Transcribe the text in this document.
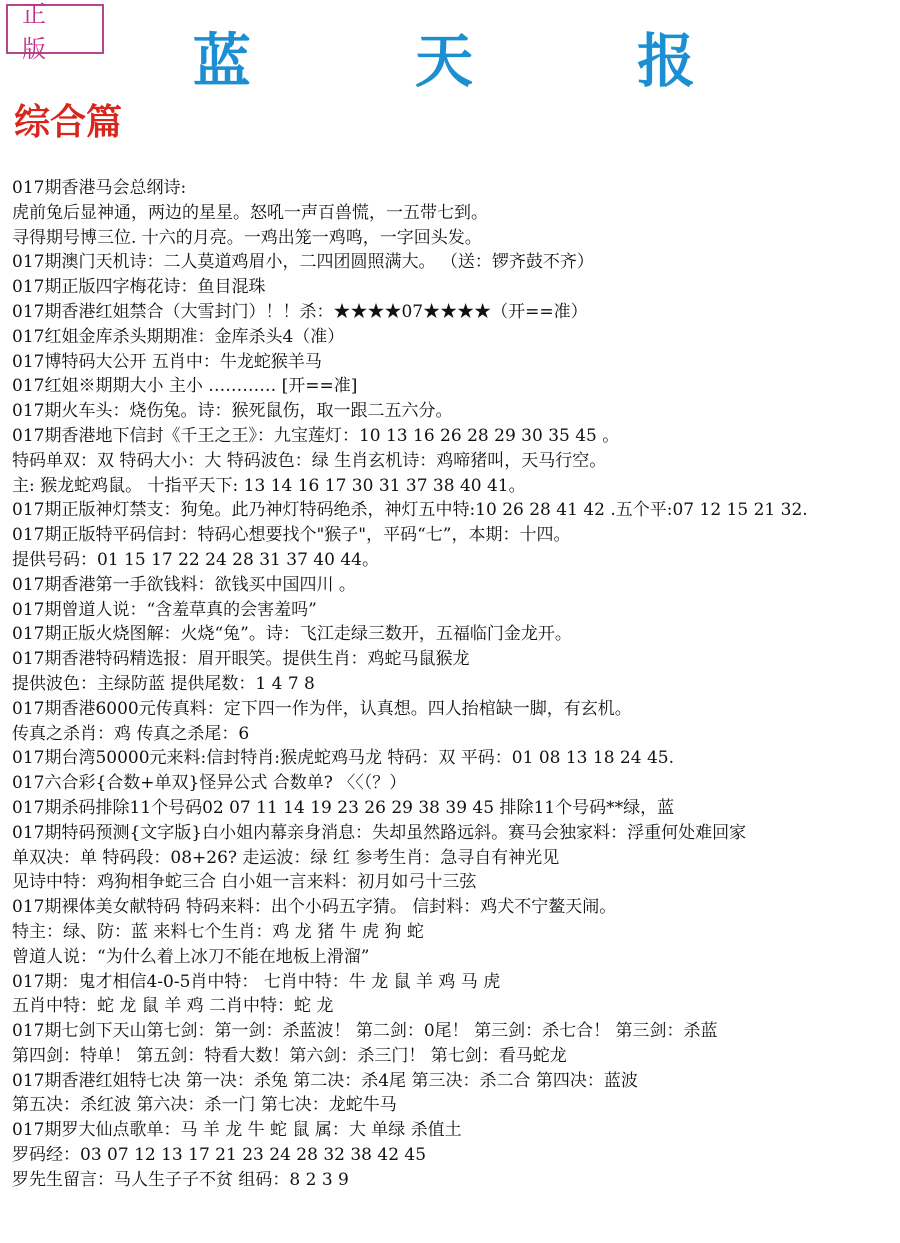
正 版	蓝 天 报
综合篇
017期香港马会总纲诗:
虎前兔后显神通，两边的星星。怒吼一声百兽慌，一五带七到。
寻得期号博三位. 十六的月亮。一鸡出笼一鸡鸣，一字回头发。
017期澳门天机诗：二人莫道鸡眉小，二四团圆照满大。 （送：锣齐鼓不齐）
017期正版四字梅花诗：鱼目混珠
017期香港红姐禁合（大雪封门）！！杀：★★★★07★★★★（开==准）
017红姐金库杀头期期准：金库杀头4（准）
017博特码大公开 五肖中：牛龙蛇猴羊马
017红姐※期期大小 主小 ………… [开==准]
017期火车头：烧伤兔。诗：猴死鼠伤，取一跟二五六分。
017期香港地下信封《千王之王》：九宝莲灯：10 13 16 26 28 29 30 35 45 。
特码单双：双 特码大小：大 特码波色：绿 生肖玄机诗：鸡啼猪叫，天马行空。
主: 猴龙蛇鸡鼠。 十指平天下: 13 14 16 17 30 31 37 38 40 41。
017期正版神灯禁支：狗兔。此乃神灯特码绝杀，神灯五中特:10 26 28 41 42 .五个平:07 12 15 21 32.
017期正版特平码信封：特码心想要找个"猴子"，平码“七”，本期：十四。
提供号码：01 15 17 22 24 28 31 37 40 44。
017期香港第一手欲钱料：欲钱买中国四川 。
017期曾道人说：“含羞草真的会害羞吗”
017期正版火烧图解：火烧“兔”。诗：飞江走绿三数开，五福临门金龙开。
017期香港特码精选报：眉开眼笑。提供生肖：鸡蛇马鼠猴龙
提供波色：主绿防蓝 提供尾数：1 4 7 8
017期香港6000元传真料：定下四一作为伴，认真想。四人抬棺缺一脚，有玄机。
传真之杀肖：鸡 传真之杀尾：6
017期台湾50000元来料:信封特肖:猴虎蛇鸡马龙 特码：双 平码：01 08 13 18 24 45.
017六合彩{合数+单双}怪异公式 合数单? 〈〈（？）
017期杀码排除11个号码02 07 11 14 19 23 26 29 38 39 45 排除11个号码**绿，蓝
017期特码预测{文字版}白小姐内幕亲身消息：失却虽然路远斜。赛马会独家料：浮重何处难回家
单双决：单 特码段：08+26? 走运波：绿 红 参考生肖：急寻自有神光见
见诗中特：鸡狗相争蛇三合 白小姐一言来料：初月如弓十三弦
017期裸体美女献特码 特码来料：出个小码五字猜。 信封料：鸡犬不宁鳌天闹。
特主：绿、防：蓝 来料七个生肖：鸡 龙 猪 牛 虎 狗 蛇
曾道人说：“为什么着上冰刀不能在地板上滑溜”
017期：鬼才相信4-0-5肖中特： 七肖中特：牛 龙 鼠 羊 鸡 马 虎
五肖中特：蛇 龙 鼠 羊 鸡 二肖中特：蛇 龙
017期七剑下天山第七剑：第一剑：杀蓝波！ 第二剑：0尾！ 第三剑：杀七合！ 第三剑：杀蓝
第四剑：特单！ 第五剑：特看大数！第六剑：杀三门！ 第七剑：看马蛇龙
017期香港红姐特七决 第一决：杀兔 第二决：杀4尾 第三决：杀二合 第四决：蓝波
第五决：杀红波 第六决：杀一门 第七决：龙蛇牛马
017期罗大仙点歌单：马 羊 龙 牛 蛇 鼠 属：大 单绿 杀值土
罗码经：03 07 12 13 17 21 23 24 28 32 38 42 45
罗先生留言：马人生子子不贫 组码：8 2 3 9
